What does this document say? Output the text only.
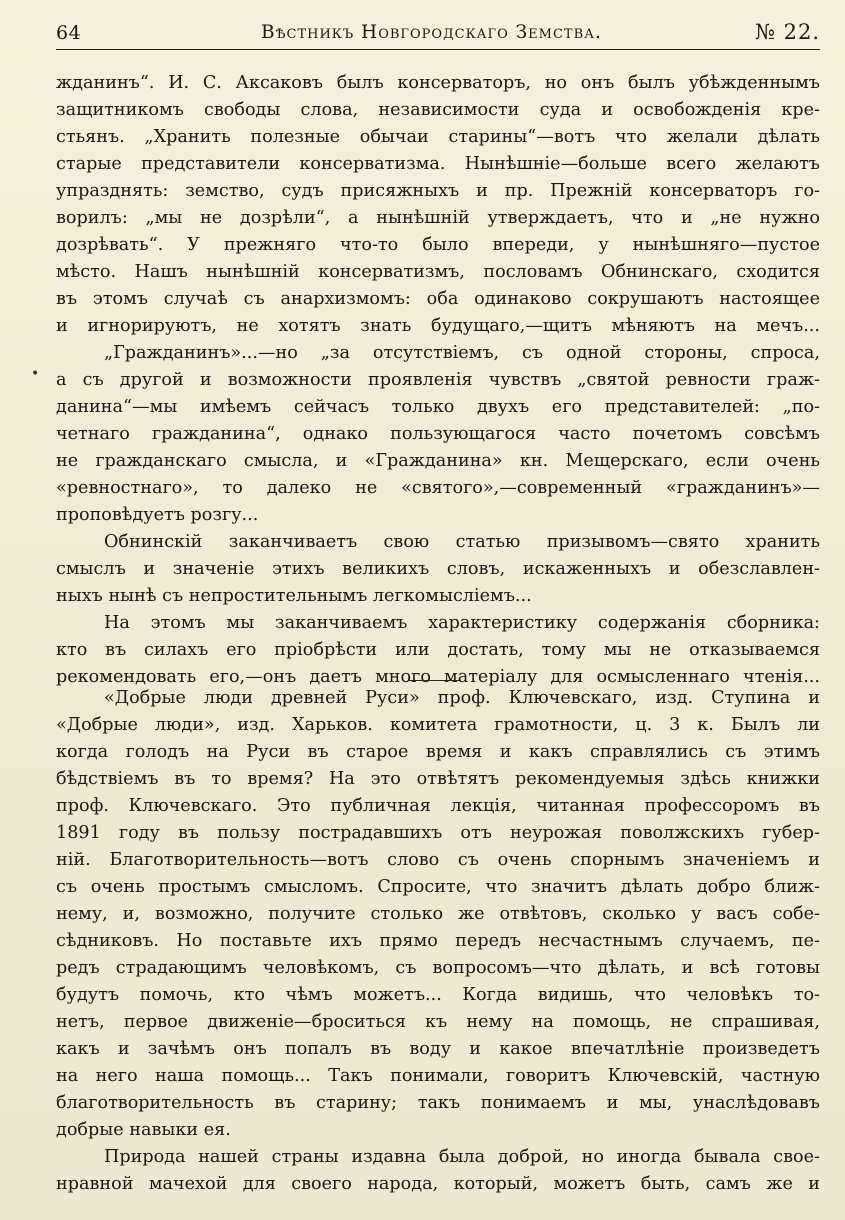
64	Вѣстникъ Новгородскаго Земства.	№ 22.
•
жданинъ“. И. С. Аксаковъ былъ консерваторъ, но онъ былъ убѣжденнымъ
защитникомъ свободы слова, независимости суда и освобожденія кре-
стьянъ. „Хранить полезные обычаи старины“—вотъ что желали дѣлать
старые представители консерватизма. Нынѣшніе—больше всего желаютъ
упразднять: земство, судъ присяжныхъ и пр. Прежній консерваторъ го-
ворилъ: „мы не дозрѣли“, а нынѣшній утверждаетъ, что и „не нужно
дозрѣвать“. У прежняго что-то было впереди, у нынѣшняго—пустое
мѣсто. Нашъ нынѣшній консерватизмъ, пословамъ Обнинскаго, сходится
въ этомъ случаѣ съ анархизмомъ: оба одинаково сокрушаютъ настоящее
и игнорируютъ, не хотятъ знать будущаго,—щитъ мѣняютъ на мечъ...
„Гражданинъ»...—но „за отсутствіемъ, съ одной стороны, спроса,
а съ другой и возможности проявленія чувствъ „святой ревности граж-
данина“—мы имѣемъ сейчасъ только двухъ его представителей: „по-
четнаго гражданина“, однако пользующагося часто почетомъ совсѣмъ
не гражданскаго смысла, и «Гражданина» кн. Мещерскаго, если очень
«ревностнаго», то далеко не «святого»,—современный «гражданинъ»—
проповѣдуетъ розгу...
Обнинскій заканчиваетъ свою статью призывомъ—свято хранить
смыслъ и значеніе этихъ великихъ словъ, искаженныхъ и обезславлен-
ныхъ нынѣ съ непростительнымъ легкомысліемъ...
На этомъ мы заканчиваемъ характеристику содержанія сборника:
кто въ силахъ его пріобрѣсти или достать, тому мы не отказываемся
рекомендовать его,—онъ даетъ много матеріалу для осмысленнаго чтенія...
«Добрые люди древней Руси» проф. Ключевскаго, изд. Ступина и
«Добрые люди», изд. Харьков. комитета грамотности, ц. 3 к. Былъ ли
когда голодъ на Руси въ старое время и какъ справлялись съ этимъ
бѣдствіемъ въ то время? На это отвѣтятъ рекомендуемыя здѣсь книжки
проф. Ключевскаго. Это публичная лекція, читанная профессоромъ въ
1891 году въ пользу пострадавшихъ отъ неурожая поволжскихъ губер-
ній. Благотворительность—вотъ слово съ очень спорнымъ значеніемъ и
съ очень простымъ смысломъ. Спросите, что значитъ дѣлать добро ближ-
нему, и, возможно, получите столько же отвѣтовъ, сколько у васъ собе-
сѣдниковъ. Но поставьте ихъ прямо передъ несчастнымъ случаемъ, пе-
редъ страдающимъ человѣкомъ, съ вопросомъ—что дѣлать, и всѣ готовы
будутъ помочь, кто чѣмъ можетъ... Когда видишь, что человѣкъ то-
нетъ, первое движеніе—броситься къ нему на помощь, не спрашивая,
какъ и зачѣмъ онъ попалъ въ воду и какое впечатлѣніе произведетъ
на него наша помощь... Такъ понимали, говоритъ Ключевскій, частную
благотворительность въ старину; такъ понимаемъ и мы, унаслѣдовавъ
добрые навыки ея.
Природа нашей страны издавна была доброй, но иногда бывала свое-
нравной мачехой для своего народа, который, можетъ быть, самъ же и
